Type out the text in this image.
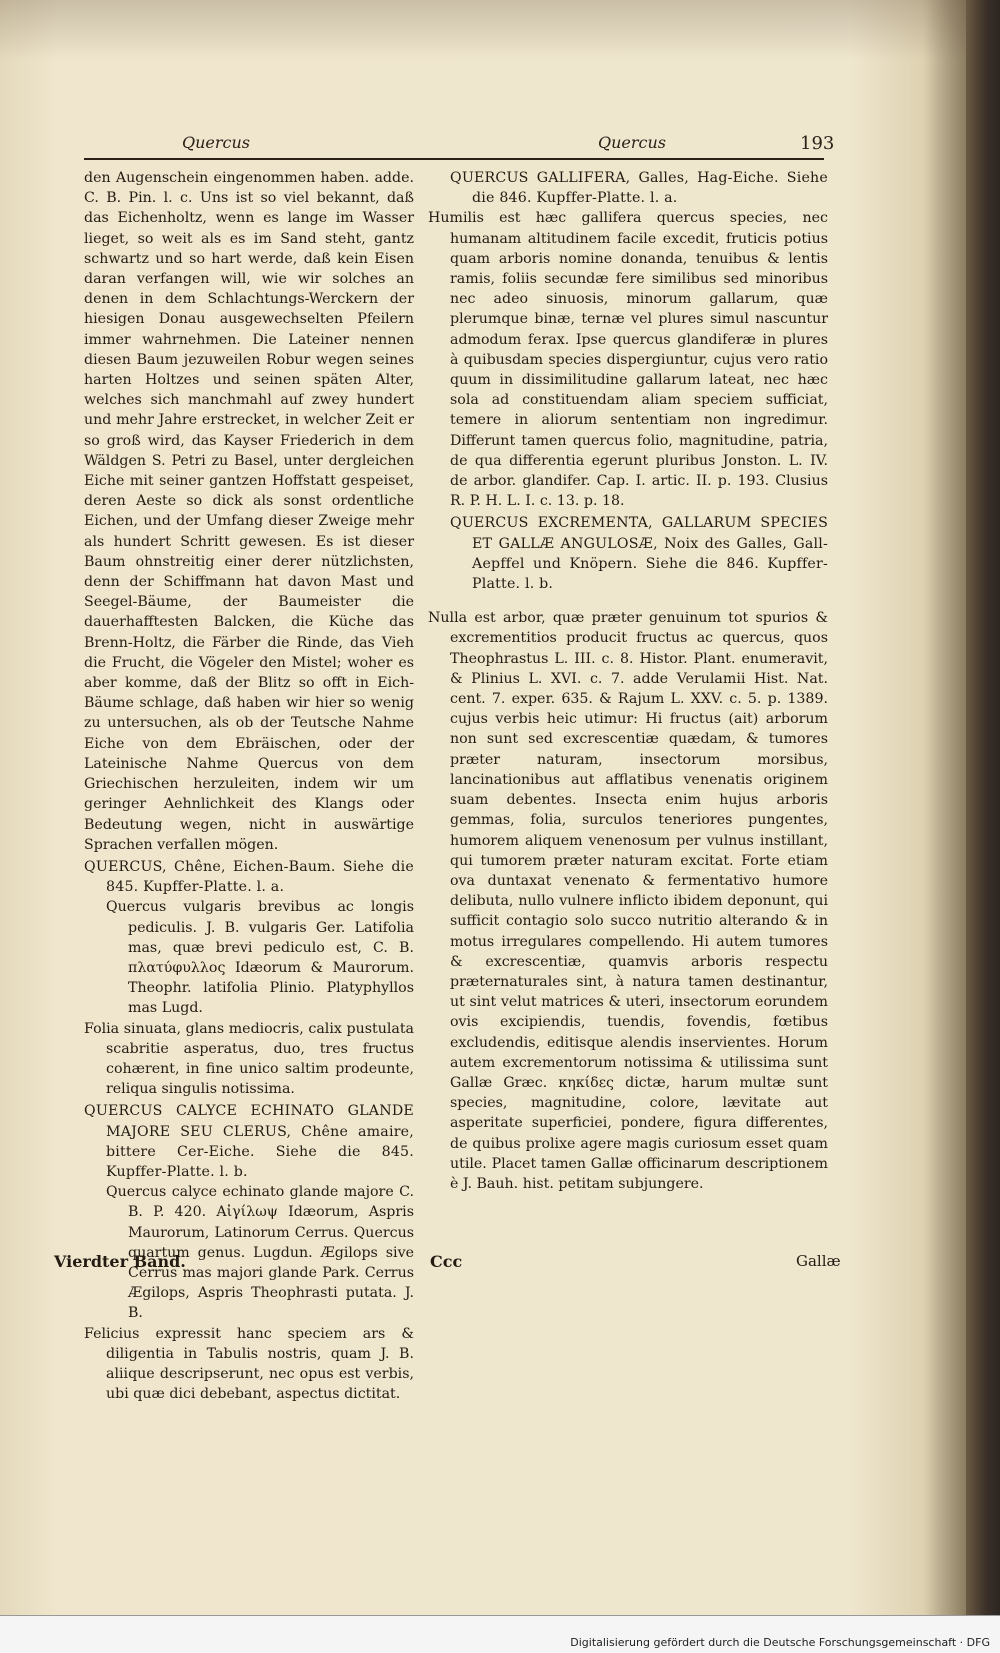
Quercus	Quercus	193

den Augenschein eingenommen haben. adde. C. B. Pin. l. c. Uns ist so viel bekannt, daß das Eichenholtz, wenn es lange im Wasser lieget, so weit als es im Sand steht, gantz schwartz und so hart werde, daß kein Eisen daran verfangen will, wie wir solches an denen in dem Schlachtungs-Werckern der hiesigen Donau ausgewechselten Pfeilern immer wahrnehmen. Die Lateiner nennen diesen Baum jezuweilen Robur wegen seines harten Holtzes und seinen späten Alter, welches sich manchmahl auf zwey hundert und mehr Jahre erstrecket, in welcher Zeit er so groß wird, das Kayser Friederich in dem Wäldgen S. Petri zu Basel, unter dergleichen Eiche mit seiner gantzen Hoffstatt gespeiset, deren Aeste so dick als sonst ordentliche Eichen, und der Umfang dieser Zweige mehr als hundert Schritt gewesen. Es ist dieser Baum ohnstreitig einer derer nützlichsten, denn der Schiffmann hat davon Mast und Seegel-Bäume, der Baumeister die dauerhafftesten Balcken, die Küche das Brenn-Holtz, die Färber die Rinde, das Vieh die Frucht, die Vögeler den Mistel; woher es aber komme, daß der Blitz so offt in Eich-Bäume schlage, daß haben wir hier so wenig zu untersuchen, als ob der Teutsche Nahme Eiche von dem Ebräischen, oder der Lateinische Nahme Quercus von dem Griechischen herzuleiten, indem wir um geringer Aehnlichkeit des Klangs oder Bedeutung wegen, nicht in auswärtige Sprachen verfallen mögen.

QUERCUS, Chêne, Eichen-Baum. Siehe die 845. Kupffer-Platte. l. a.

Quercus vulgaris brevibus ac longis pediculis. J. B. vulgaris Ger. Latifolia mas, quæ brevi pediculo est, C. B. πλατύφυλλος Idæorum & Maurorum. Theophr. latifolia Plinio. Platyphyllos mas Lugd.

Folia sinuata, glans mediocris, calix pustulata scabritie asperatus, duo, tres fructus cohærent, in fine unico saltim prodeunte, reliqua singulis notissima.

QUERCUS CALYCE ECHINATO GLANDE MAJORE SEU CLERUS, Chêne amaire, bittere Cer-Eiche. Siehe die 845. Kupffer-Platte. l. b.

Quercus calyce echinato glande majore C. B. P. 420. Αἰγίλωψ Idæorum, Aspris Maurorum, Latinorum Cerrus. Quercus quartum genus. Lugdun. Ægilops sive Cerrus mas majori glande Park. Cerrus Ægilops, Aspris Theophrasti putata. J. B.

Felicius expressit hanc speciem ars & diligentia in Tabulis nostris, quam J. B. aliique descripserunt, nec opus est verbis, ubi quæ dici debebant, aspectus dictitat.

QUERCUS GALLIFERA, Galles, Hag-Eiche. Siehe die 846. Kupffer-Platte. l. a.

Humilis est hæc gallifera quercus species, nec humanam altitudinem facile excedit, fruticis potius quam arboris nomine donanda, tenuibus & lentis ramis, foliis secundæ fere similibus sed minoribus nec adeo sinuosis, minorum gallarum, quæ plerumque binæ, ternæ vel plures simul nascuntur admodum ferax. Ipse quercus glandiferæ in plures à quibusdam species dispergiuntur, cujus vero ratio quum in dissimilitudine gallarum lateat, nec hæc sola ad constituendam aliam speciem sufficiat, temere in aliorum sententiam non ingredimur. Differunt tamen quercus folio, magnitudine, patria, de qua differentia egerunt pluribus Jonston. L. IV. de arbor. glandifer. Cap. I. artic. II. p. 193. Clusius R. P. H. L. I. c. 13. p. 18.

QUERCUS EXCREMENTA, GALLARUM SPECIES ET GALLÆ ANGULOSÆ, Noix des Galles, Gall-Aepffel und Knöpern. Siehe die 846. Kupffer-Platte. l. b.

Nulla est arbor, quæ præter genuinum tot spurios & excrementitios producit fructus ac quercus, quos Theophrastus L. III. c. 8. Histor. Plant. enumeravit, & Plinius L. XVI. c. 7. adde Verulamii Hist. Nat. cent. 7. exper. 635. & Rajum L. XXV. c. 5. p. 1389. cujus verbis heic utimur: Hi fructus (ait) arborum non sunt sed excrescentiæ quædam, & tumores præter naturam, insectorum morsibus, lancinationibus aut afflatibus venenatis originem suam debentes. Insecta enim hujus arboris gemmas, folia, surculos teneriores pungentes, humorem aliquem venenosum per vulnus instillant, qui tumorem præter naturam excitat. Forte etiam ova duntaxat venenato & fermentativo humore delibuta, nullo vulnere inflicto ibidem deponunt, qui sufficit contagio solo succo nutritio alterando & in motus irregulares compellendo. Hi autem tumores & excrescentiæ, quamvis arboris respectu præternaturales sint, à natura tamen destinantur, ut sint velut matrices & uteri, insectorum eorundem ovis excipiendis, tuendis, fovendis, fœtibus excludendis, editisque alendis inservientes. Horum autem excrementorum notissima & utilissima sunt Gallæ Græc. κηκίδες dictæ, harum multæ sunt species, magnitudine, colore, lævitate aut asperitate superficiei, pondere, figura differentes, de quibus prolixe agere magis curiosum esset quam utile. Placet tamen Gallæ officinarum descriptionem è J. Bauh. hist. petitam subjungere.

Vierdter Band.	Ccc	Gallæ
Digitalisierung gefördert durch die Deutsche Forschungsgemeinschaft · DFG
